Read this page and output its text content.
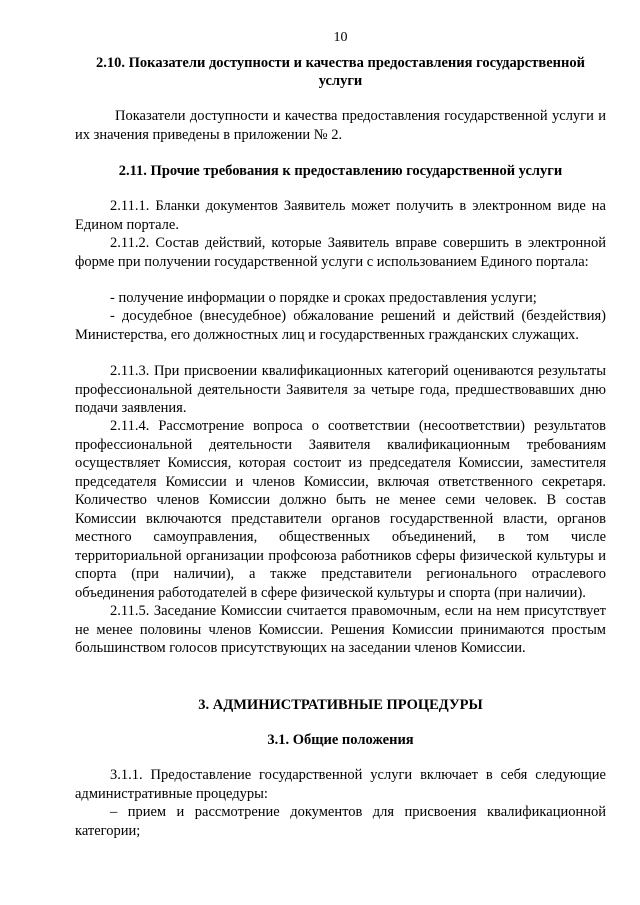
10
2.10. Показатели доступности и качества предоставления государственной
услуги
Показатели доступности и качества предоставления государственной услуги и их значения приведены в приложении № 2.
2.11. Прочие требования к предоставлению государственной услуги
2.11.1. Бланки документов Заявитель может получить в электронном виде на Едином портале.
2.11.2. Состав действий, которые Заявитель вправе совершить в электронной форме при получении государственной услуги с использованием Единого портала:
- получение информации о порядке и сроках предоставления услуги;
- досудебное (внесудебное) обжалование решений и действий (бездействия) Министерства, его должностных лиц и государственных гражданских служащих.
2.11.3. При присвоении квалификационных категорий оцениваются результаты профессиональной деятельности Заявителя за четыре года, предшествовавших дню подачи заявления.
2.11.4. Рассмотрение вопроса о соответствии (несоответствии) результатов профессиональной деятельности Заявителя квалификационным требованиям осуществляет Комиссия, которая состоит из председателя Комиссии, заместителя председателя Комиссии и членов Комиссии, включая ответственного секретаря. Количество членов Комиссии должно быть не менее семи человек. В состав Комиссии включаются представители органов государственной власти, органов местного самоуправления, общественных объединений, в том числе территориальной организации профсоюза работников сферы физической культуры и спорта (при наличии), а также представители регионального отраслевого объединения работодателей в сфере физической культуры и спорта (при наличии).
2.11.5. Заседание Комиссии считается правомочным, если на нем присутствует не менее половины членов Комиссии. Решения Комиссии принимаются простым большинством голосов присутствующих на заседании членов Комиссии.
3. АДМИНИСТРАТИВНЫЕ ПРОЦЕДУРЫ
3.1. Общие положения
3.1.1. Предоставление государственной услуги включает в себя следующие административные процедуры:
– прием и рассмотрение документов для присвоения квалификационной категории;
